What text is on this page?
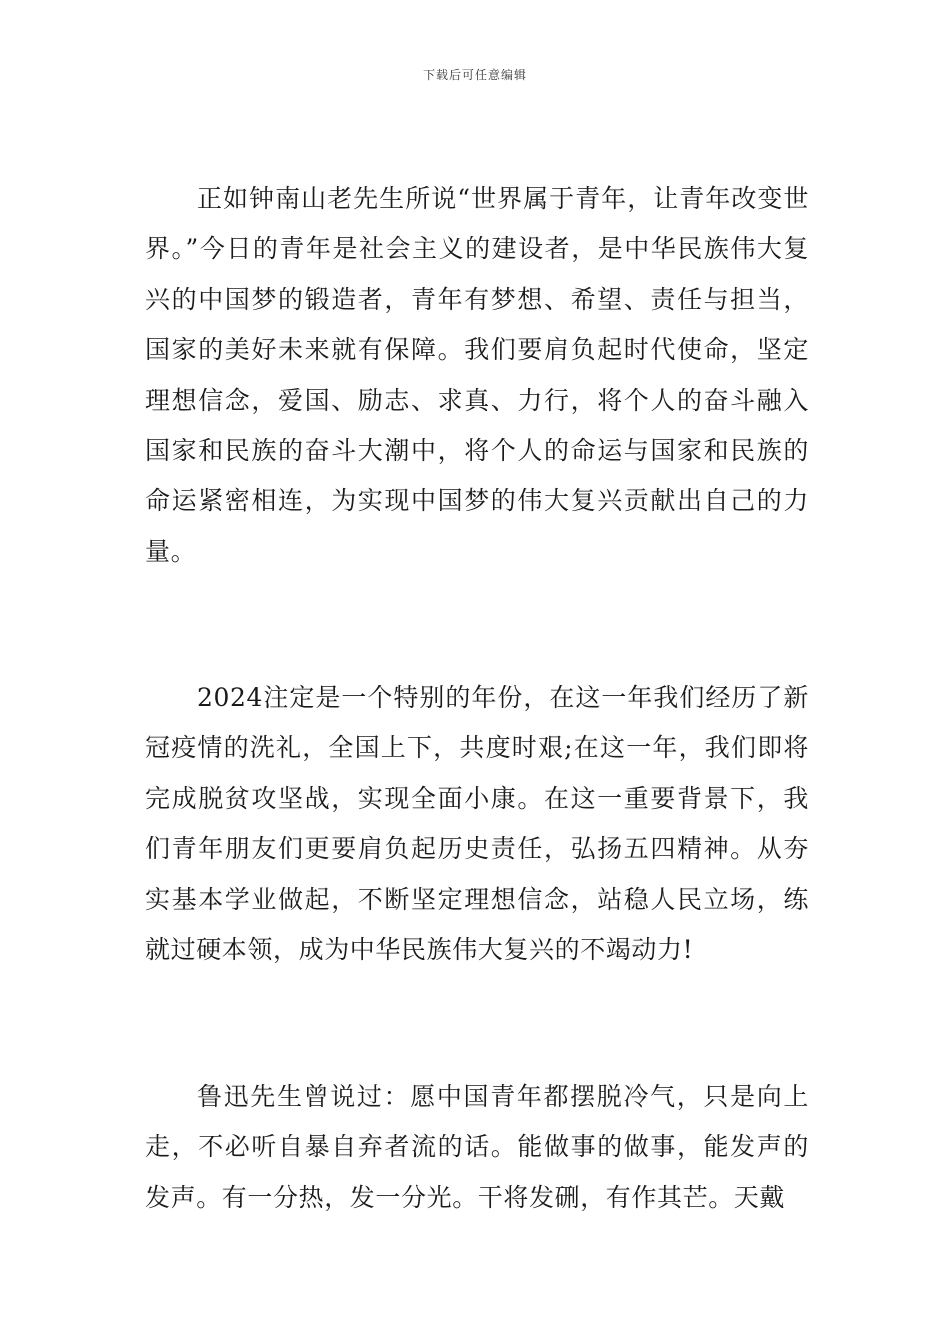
下载后可任意编辑

正如钟南山老先生所说“世界属于青年，让青年改变世界。”今日的青年是社会主义的建设者，是中华民族伟大复兴的中国梦的锻造者，青年有梦想、希望、责任与担当，国家的美好未来就有保障。我们要肩负起时代使命，坚定理想信念，爱国、励志、求真、力行，将个人的奋斗融入国家和民族的奋斗大潮中，将个人的命运与国家和民族的命运紧密相连，为实现中国梦的伟大复兴贡献出自己的力量。

2024注定是一个特别的年份，在这一年我们经历了新冠疫情的洗礼，全国上下，共度时艰;在这一年，我们即将完成脱贫攻坚战，实现全面小康。在这一重要背景下，我们青年朋友们更要肩负起历史责任，弘扬五四精神。从夯实基本学业做起，不断坚定理想信念，站稳人民立场，练就过硬本领，成为中华民族伟大复兴的不竭动力!

鲁迅先生曾说过：愿中国青年都摆脱冷气，只是向上走，不必听自暴自弃者流的话。能做事的做事，能发声的发声。有一分热，发一分光。干将发硎，有作其芒。天戴
